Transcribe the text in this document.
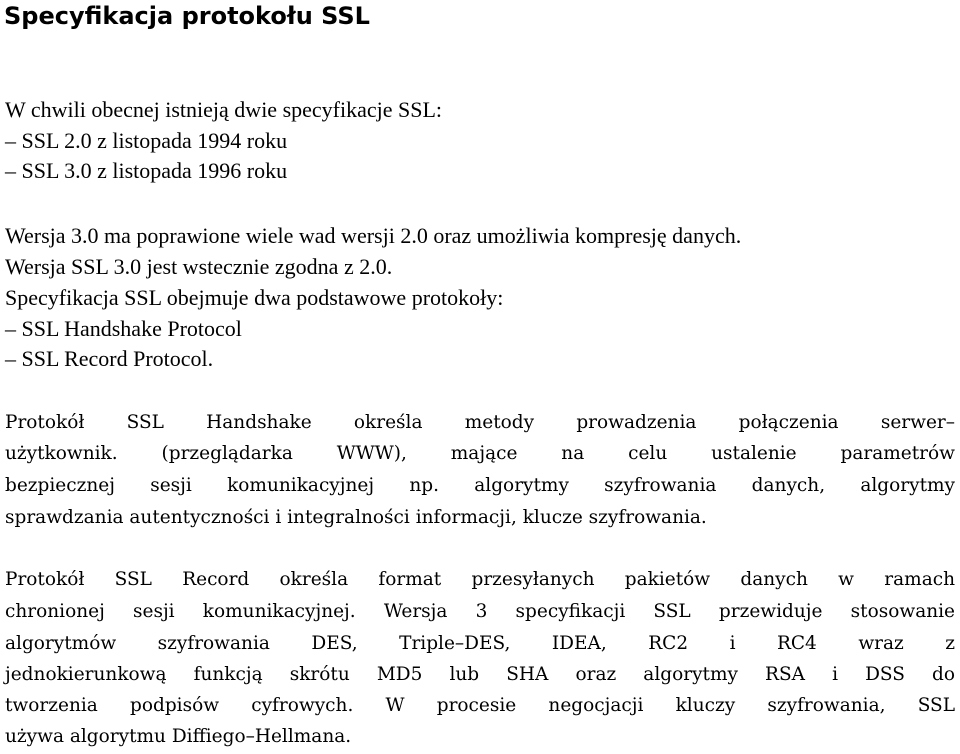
Specyfikacja protokołu SSL

W chwili obecnej istnieją dwie specyfikacje SSL:

– SSL 2.0 z listopada 1994 roku

– SSL 3.0 z listopada 1996 roku

Wersja 3.0 ma poprawione wiele wad wersji 2.0 oraz umożliwia kompresję danych.

Wersja SSL 3.0 jest wstecznie zgodna z 2.0.

Specyfikacja SSL obejmuje dwa podstawowe protokoły:

– SSL Handshake Protocol

– SSL Record Protocol.

Protokół SSL Handshake określa metody prowadzenia połączenia serwer–

użytkownik. (przeglądarka WWW), mające na celu ustalenie parametrów

bezpiecznej sesji komunikacyjnej np. algorytmy szyfrowania danych, algorytmy

sprawdzania autentyczności i integralności informacji, klucze szyfrowania.

Protokół SSL Record określa format przesyłanych pakietów danych w ramach

chronionej sesji komunikacyjnej. Wersja 3 specyfikacji SSL przewiduje stosowanie

algorytmów szyfrowania DES, Triple–DES, IDEA, RC2 i RC4 wraz z

jednokierunkową funkcją skrótu MD5 lub SHA oraz algorytmy RSA i DSS do

tworzenia podpisów cyfrowych. W procesie negocjacji kluczy szyfrowania, SSL

używa algorytmu Diffiego–Hellmana.
